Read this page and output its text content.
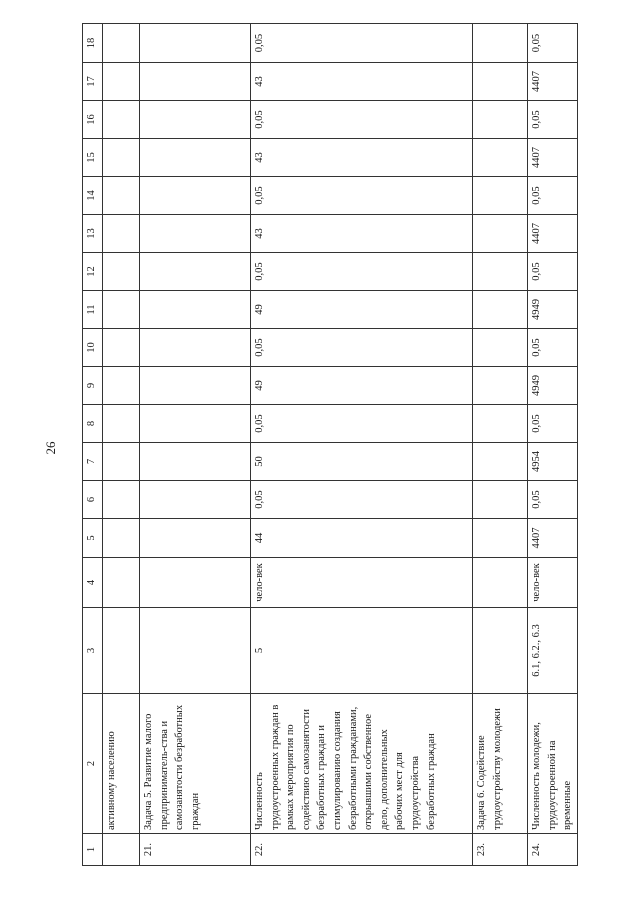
26
1	2	3	4	5	6	7	8	9	10	11	12	13	14	15	16	17	18
	активному населению																
21.	Задача 5. Развитие малого предприниматель-ства и самозанятости безработных граждан																
22.	Численность трудоустроенных граждан в рамках мероприятия по содействию самозанятости безработных граждан и стимулированию создания безработными гражданами, открывшими собственное дело, дополнительных рабочих мест для трудоустройства безработных граждан	5	чело-век	44	0,05	50	0,05	49	0,05	49	0,05	43	0,05	43	0,05	43	0,05
23.	Задача 6. Содействие трудоустройству молодежи																
24.	Численность молодежи, трудоустроенной на временные	6.1, 6.2., 6.3	чело-век	4407	0,05	4954	0,05	4949	0,05	4949	0,05	4407	0,05	4407	0,05	4407	0,05
